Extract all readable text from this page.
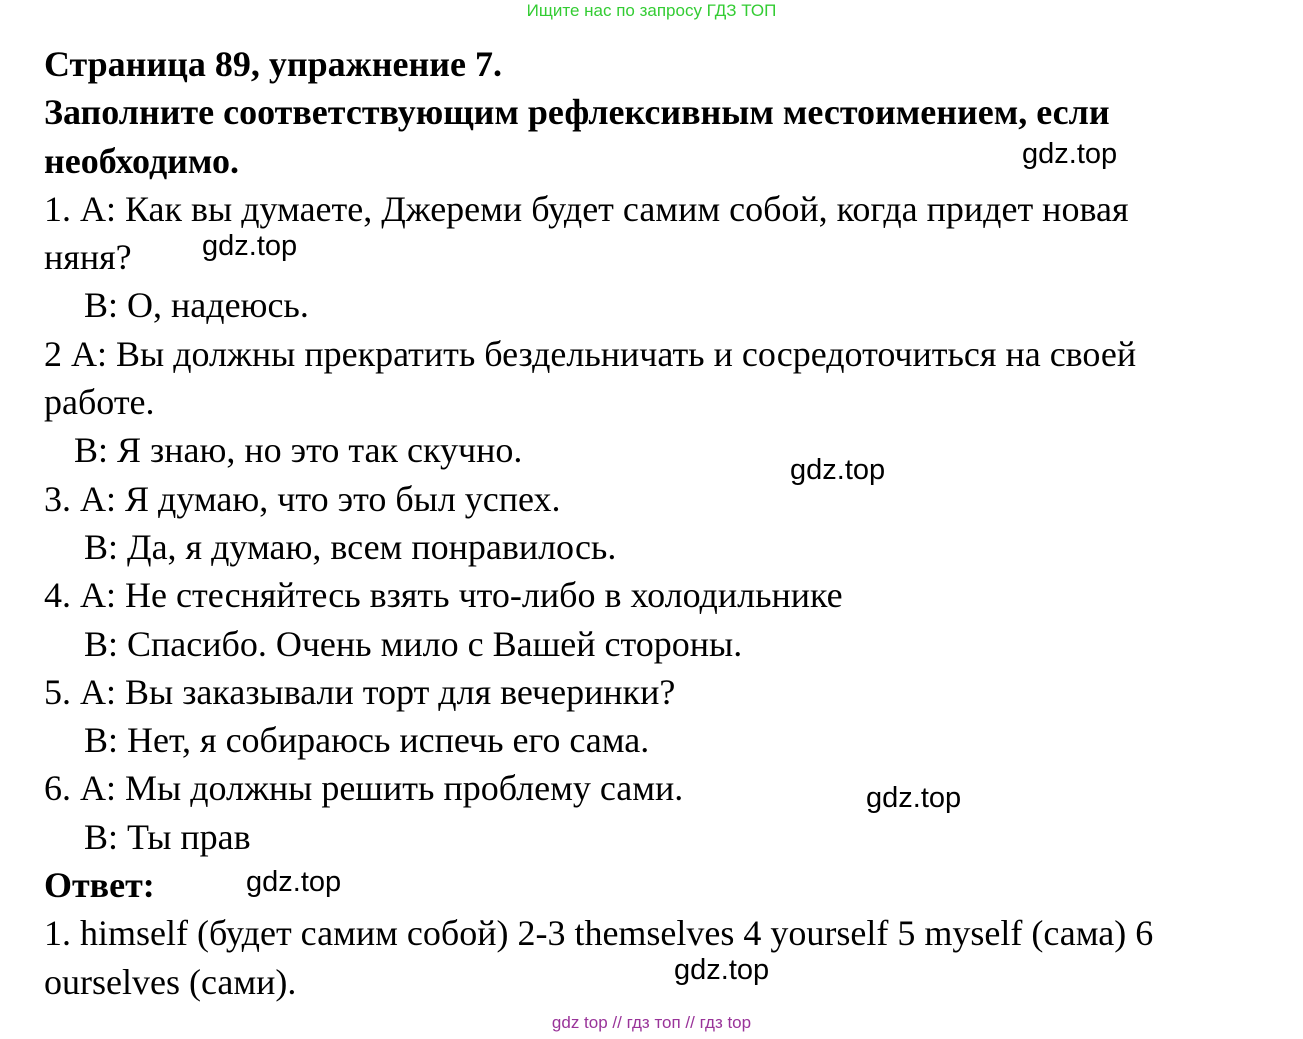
Ищите нас по запросу ГДЗ ТОП
Страница 89, упражнение 7.
Заполните соответствующим рефлексивным местоимением, если
необходимо.
1. А: Как вы думаете, Джереми будет самим собой, когда придет новая
няня?
В: О, надеюсь.
2 А: Вы должны прекратить бездельничать и сосредоточиться на своей
работе.
В: Я знаю, но это так скучно.
3. А: Я думаю, что это был успех.
В: Да, я думаю, всем понравилось.
4. А: Не стесняйтесь взять что-либо в холодильнике
В: Спасибо. Очень мило с Вашей стороны.
5. А: Вы заказывали торт для вечеринки?
В: Нет, я собираюсь испечь его сама.
6. А: Мы должны решить проблему сами.
В: Ты прав
Ответ:
1. himself (будет самим собой) 2-3 themselves 4 yourself 5 myself (сама) 6
ourselves (сами).
gdz.top
gdz.top
gdz.top
gdz.top
gdz.top
gdz.top
gdz top // гдз топ // гдз top
